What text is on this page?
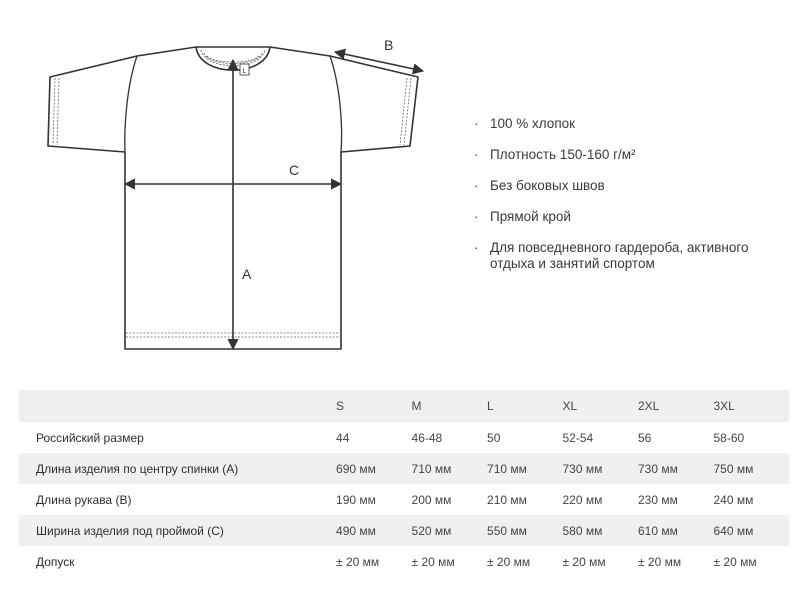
L
A
C
B
· 100 % хлопок
· Плотность 150-160 г/м²
· Без боковых швов
· Прямой крой
· Для повседневного гардероба, активного отдыха и занятий спортом
	S	M	L	XL	2XL	3XL
Российский размер	44	46-48	50	52-54	56	58-60
Длина изделия по центру спинки (А)	690 мм	710 мм	710 мм	730 мм	730 мм	750 мм
Длина рукава (В)	190 мм	200 мм	210 мм	220 мм	230 мм	240 мм
Ширина изделия под проймой (С)	490 мм	520 мм	550 мм	580 мм	610 мм	640 мм
Допуск	± 20 мм	± 20 мм	± 20 мм	± 20 мм	± 20 мм	± 20 мм
